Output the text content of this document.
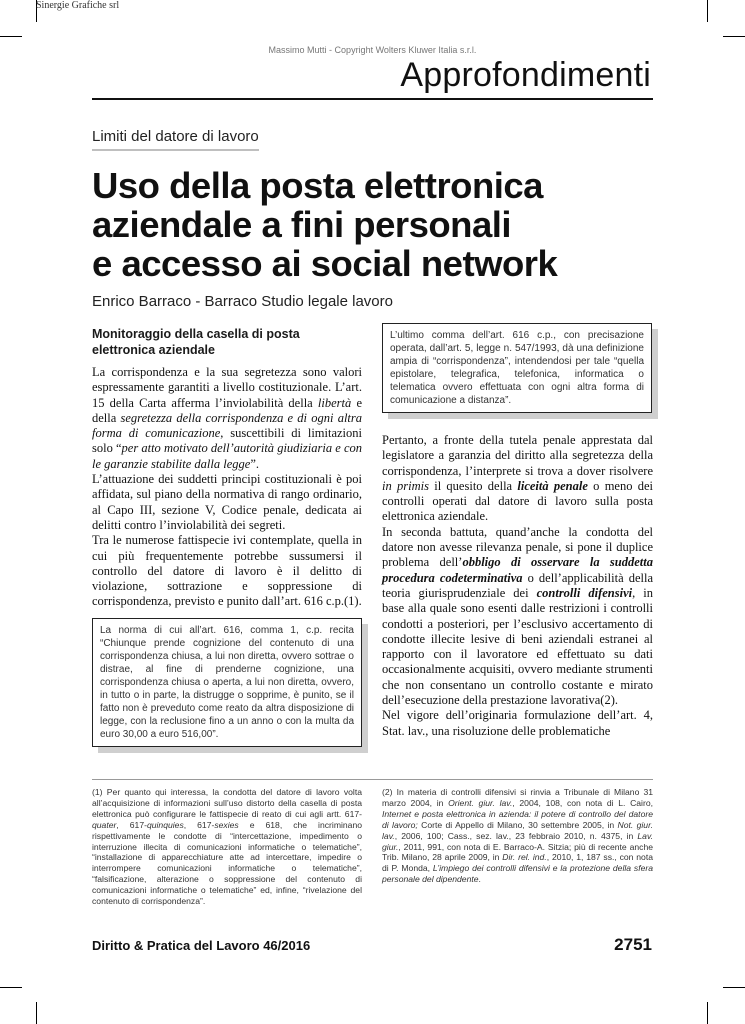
Sinergie Grafiche srl
Massimo Mutti - Copyright Wolters Kluwer Italia s.r.l.
Approfondimenti
Limiti del datore di lavoro
Uso della posta elettronica
aziendale a fini personali
e accesso ai social network
Enrico Barraco - Barraco Studio legale lavoro
Monitoraggio della casella di posta elettronica aziendale

La corrispondenza e la sua segretezza sono valori espressamente garantiti a livello costituzionale. L’art. 15 della Carta afferma l’inviolabilità della libertà e della segretezza della corrispondenza e di ogni altra forma di comunicazione, suscettibili di limitazioni solo “per atto motivato dell’autorità giudiziaria e con le garanzie stabilite dalla legge”.

L’attuazione dei suddetti principi costituzionali è poi affidata, sul piano della normativa di rango ordinario, al Capo III, sezione V, Codice penale, dedicata ai delitti contro l’inviolabilità dei segreti.

Tra le numerose fattispecie ivi contemplate, quella in cui più frequentemente potrebbe sussumersi il controllo del datore di lavoro è il delitto di violazione, sottrazione e soppressione di corrispondenza, previsto e punito dall’art. 616 c.p.(1).

La norma di cui all’art. 616, comma 1, c.p. recita “Chiunque prende cognizione del contenuto di una corrispondenza chiusa, a lui non diretta, ovvero sottrae o distrae, al fine di prenderne cognizione, una corrispondenza chiusa o aperta, a lui non diretta, ovvero, in tutto o in parte, la distrugge o sopprime, è punito, se il fatto non è preveduto come reato da altra disposizione di legge, con la reclusione fino a un anno o con la multa da euro 30,00 a euro 516,00”.
L’ultimo comma dell’art. 616 c.p., con precisazione operata, dall’art. 5, legge n. 547/1993, dà una definizione ampia di “corrispondenza”, intendendosi per tale “quella epistolare, telegrafica, telefonica, informatica o telematica ovvero effettuata con ogni altra forma di comunicazione a distanza”.

Pertanto, a fronte della tutela penale apprestata dal legislatore a garanzia del diritto alla segretezza della corrispondenza, l’interprete si trova a dover risolvere in primis il quesito della liceità penale o meno dei controlli operati dal datore di lavoro sulla posta elettronica aziendale.

In seconda battuta, quand’anche la condotta del datore non avesse rilevanza penale, si pone il duplice problema dell’obbligo di osservare la suddetta procedura codeterminativa o dell’applicabilità della teoria giurisprudenziale dei controlli difensivi, in base alla quale sono esenti dalle restrizioni i controlli condotti a posteriori, per l’esclusivo accertamento di condotte illecite lesive di beni aziendali estranei al rapporto con il lavoratore ed effettuato su dati occasionalmente acquisiti, ovvero mediante strumenti che non consentano un controllo costante e mirato dell’esecuzione della prestazione lavorativa(2).

Nel vigore dell’originaria formulazione dell’art. 4, Stat. lav., una risoluzione delle problematiche

(1) Per quanto qui interessa, la condotta del datore di lavoro volta all’acquisizione di informazioni sull’uso distorto della casella di posta elettronica può configurare le fattispecie di reato di cui agli artt. 617-quater, 617-quinquies, 617-sexies e 618, che incriminano rispettivamente le condotte di “intercettazione, impedimento o interruzione illecita di comunicazioni informatiche o telematiche”, “installazione di apparecchiature atte ad intercettare, impedire o interrompere comunicazioni informatiche o telematiche”, “falsificazione, alterazione o soppressione del contenuto di comunicazioni informatiche o telematiche” ed, infine, “rivelazione del contenuto di corrispondenza”.

(2) In materia di controlli difensivi si rinvia a Tribunale di Milano 31 marzo 2004, in Orient. giur. lav., 2004, 108, con nota di L. Cairo, Internet e posta elettronica in azienda: il potere di controllo del datore di lavoro; Corte di Appello di Milano, 30 settembre 2005, in Not. giur. lav., 2006, 100; Cass., sez. lav., 23 febbraio 2010, n. 4375, in Lav. giur., 2011, 991, con nota di E. Barraco-A. Sitzia; più di recente anche Trib. Milano, 28 aprile 2009, in Dir. rel. ind., 2010, 1, 187 ss., con nota di P. Monda, L’impiego dei controlli difensivi e la protezione della sfera personale del dipendente.

Diritto & Pratica del Lavoro 46/2016	2751
